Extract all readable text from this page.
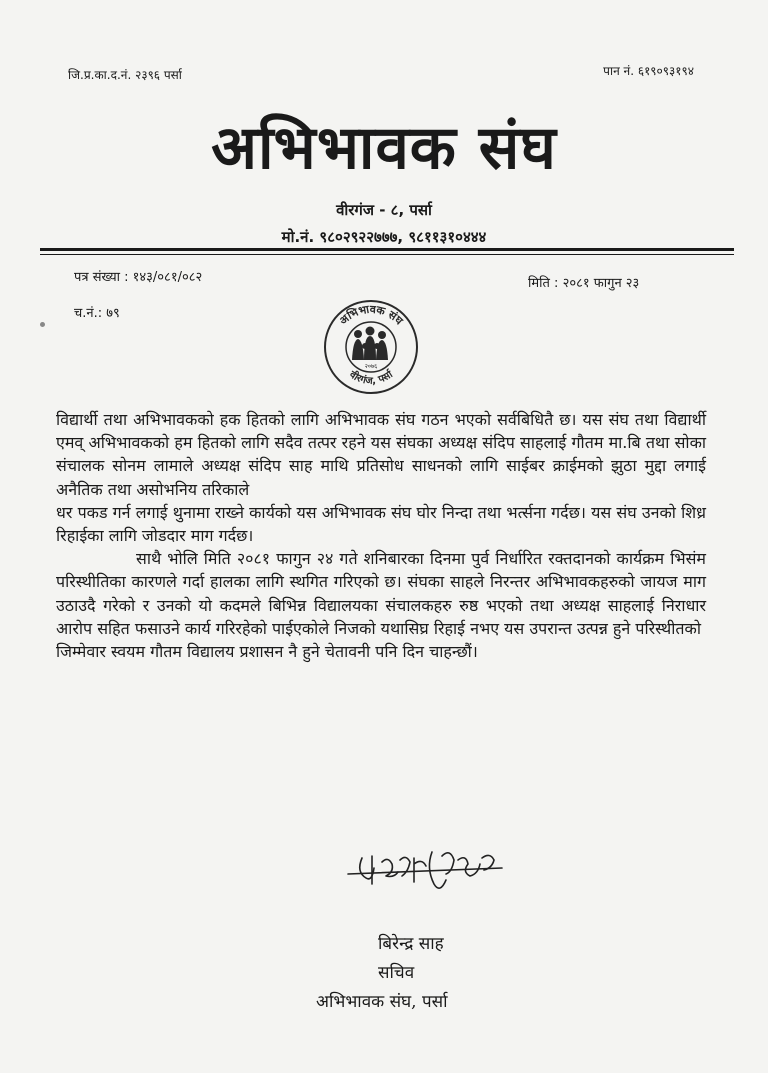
जि.प्र.का.द.नं. २३९६ पर्सा	पान नं. ६१९०९३१९४
अभिभावक संघ
वीरगंज - ८, पर्सा
मो.नं. ९८०२९२२७७७, ९८११३१०४४४
पत्र संख्या : १४३/०८१/०८२	मिति : २०८१ फागुन २३
च.नं.: ७९	अभिभावक संघ
वीरगंज, पर्सा
२०७६

विद्यार्थी तथा अभिभावकको हक हितको लागि अभिभावक संघ गठन भएको सर्वबिधितै छ। यस संघ तथा विद्यार्थी एमव् अभिभावकको हम हितको लागि सदैव तत्पर रहने यस संघका अध्यक्ष संदिप साहलाई गौतम मा.बि तथा सोका संचालक सोनम लामाले अध्यक्ष संदिप साह माथि प्रतिसोध साधनको लागि साईबर क्राईमको झुठा मुद्दा लगाई अनैतिक तथा असोभनिय तरिकाले

धर पकड गर्न लगाई थुनामा राख्ने कार्यको यस अभिभावक संघ घोर निन्दा तथा भर्त्सना गर्दछ। यस संघ उनको शिध्र रिहाईका लागि जोडदार माग गर्दछ।

साथै भोलि मिति २०८१ फागुन २४ गते शनिबारका दिनमा पुर्व निर्धारित रक्तदानको कार्यक्रम भिसंम परिस्थीतिका कारणले गर्दा हालका लागि स्थगित गरिएको छ। संघका साहले निरन्तर अभिभावकहरुको जायज माग उठाउदै गरेको र उनको यो कदमले बिभिन्न विद्यालयका संचालकहरु रुष्ठ भएको तथा अध्यक्ष साहलाई निराधार आरोप सहित फसाउने कार्य गरिरहेको पाईएकोले निजको यथासिघ्र रिहाई नभए यस उपरान्त उत्पन्न हुने परिस्थीतको

जिम्मेवार स्वयम गौतम विद्यालय प्रशासन नै हुने चेतावनी पनि दिन चाहन्छौं।

बिरेन्द्र साह
सचिव
अभिभावक संघ, पर्सा
